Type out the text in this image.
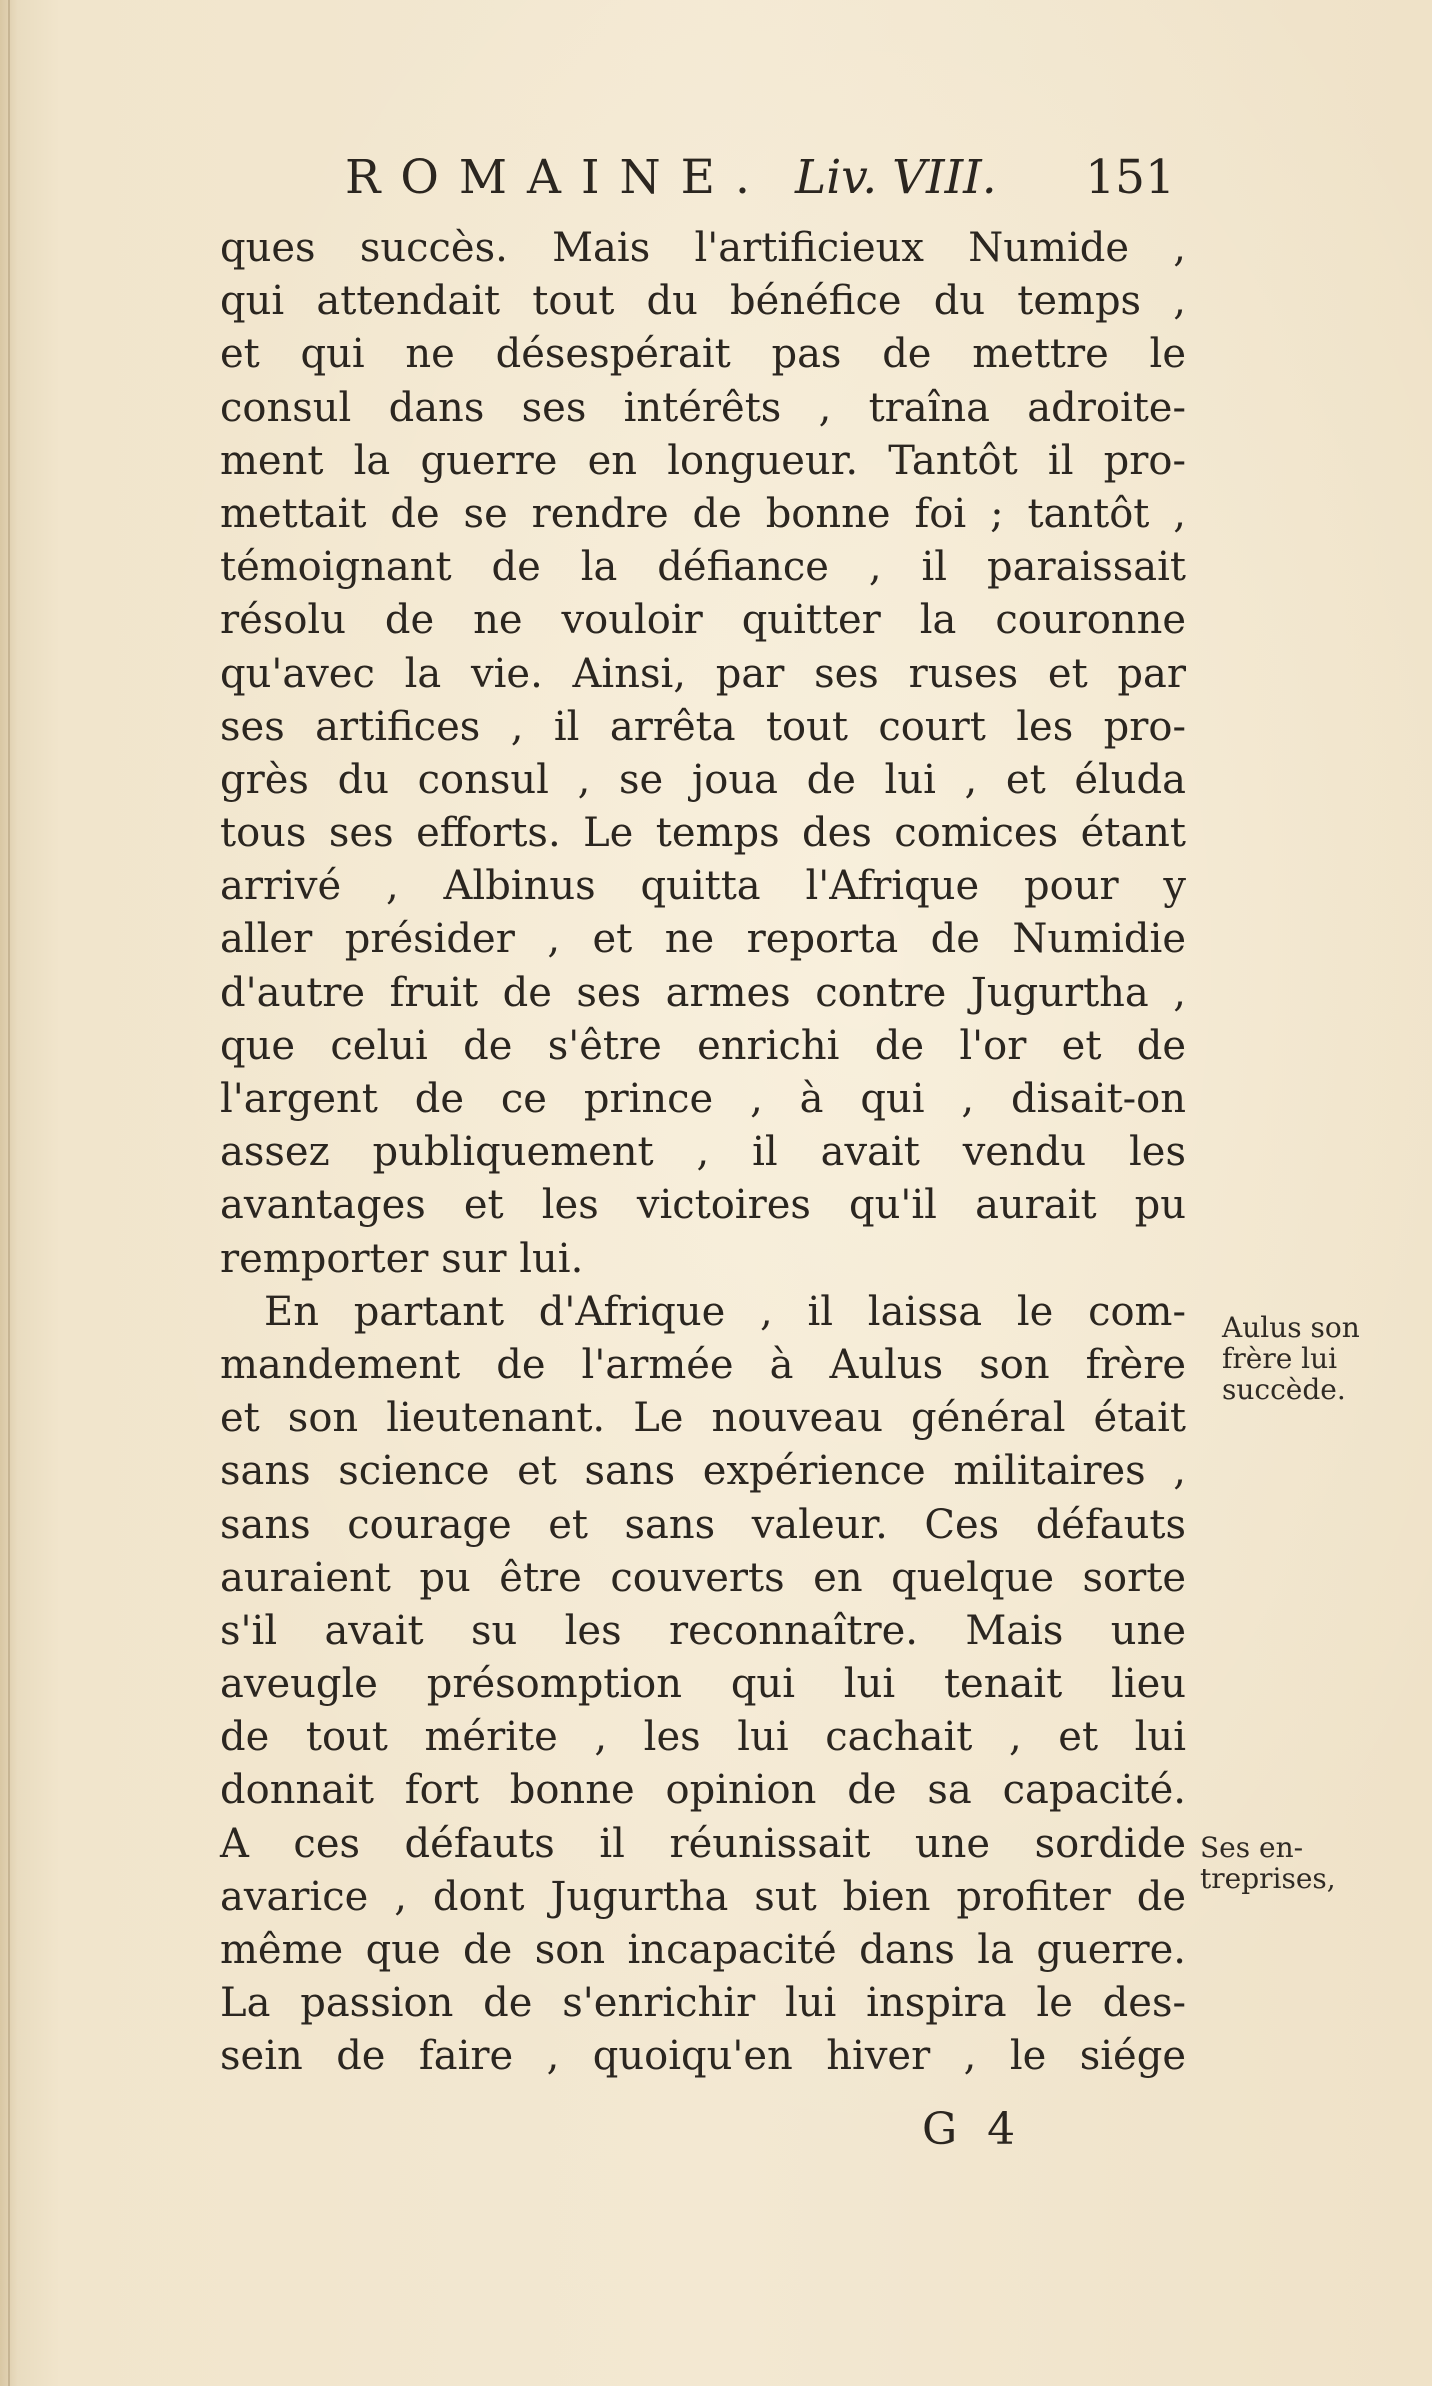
ROMAINE. Liv. VIII. 151
ques succès. Mais l'artificieux Numide ,
qui attendait tout du bénéfice du temps ,
et qui ne désespérait pas de mettre le
consul dans ses intérêts , traîna adroite-
ment la guerre en longueur. Tantôt il pro-
mettait de se rendre de bonne foi ; tantôt ,
témoignant de la défiance , il paraissait
résolu de ne vouloir quitter la couronne
qu'avec la vie. Ainsi, par ses ruses et par
ses artifices , il arrêta tout court les pro-
grès du consul , se joua de lui , et éluda
tous ses efforts. Le temps des comices étant
arrivé , Albinus quitta l'Afrique pour y
aller présider , et ne reporta de Numidie
d'autre fruit de ses armes contre Jugurtha ,
que celui de s'être enrichi de l'or et de
l'argent de ce prince , à qui , disait-on
assez publiquement , il avait vendu les
avantages et les victoires qu'il aurait pu
remporter sur lui.
En partant d'Afrique , il laissa le com-
mandement de l'armée à Aulus son frère
et son lieutenant. Le nouveau général était
sans science et sans expérience militaires ,
sans courage et sans valeur. Ces défauts
auraient pu être couverts en quelque sorte
s'il avait su les reconnaître. Mais une
aveugle présomption qui lui tenait lieu
de tout mérite , les lui cachait , et lui
donnait fort bonne opinion de sa capacité.
A ces défauts il réunissait une sordide
avarice , dont Jugurtha sut bien profiter de
même que de son incapacité dans la guerre.
La passion de s'enrichir lui inspira le des-
sein de faire , quoiqu'en hiver , le siége
Aulus son
frère lui
succède.
Ses en-
treprises,
G 4
